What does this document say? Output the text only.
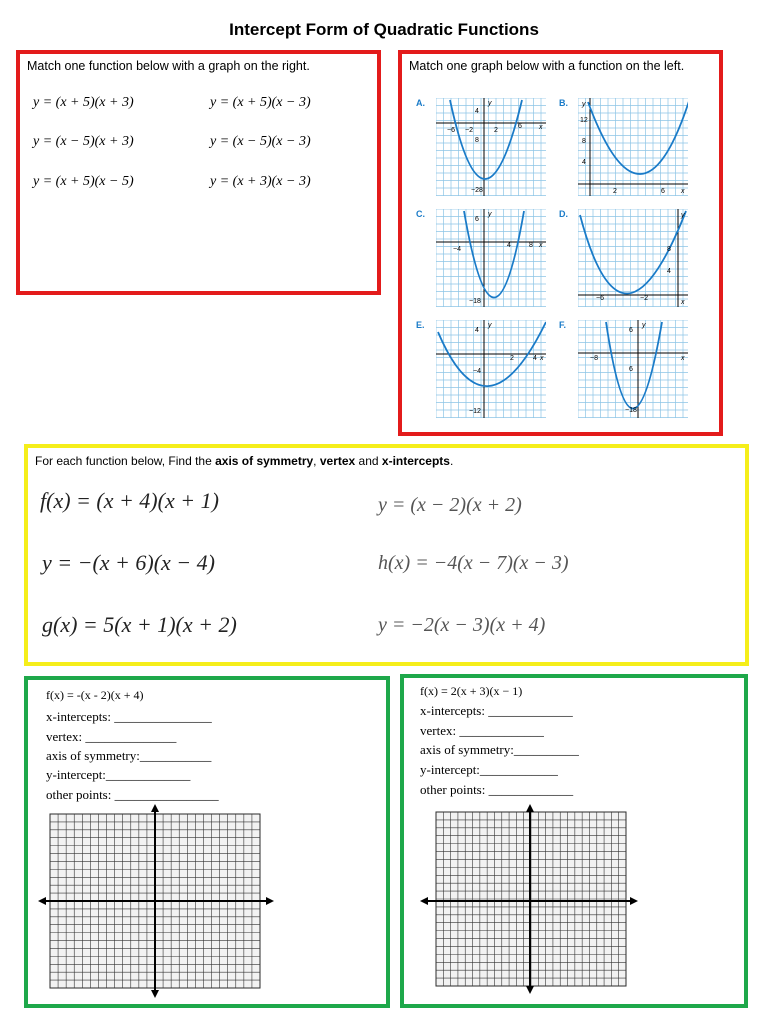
Intercept Form of Quadratic Functions
Match one function below with a graph on the right.
y = (x + 5)(x + 3)	y = (x + 5)(x − 3)
y = (x − 5)(x + 3)	y = (x − 5)(x − 3)
y = (x + 5)(x − 5)	y = (x + 3)(x − 3)
Match one graph below with a function on the left.
A.	B.
C.	D.
E.	F.
4
−6 −2	2
6 x
y
8
−28
y
12
8
4
2	6 x
6
y
−4
4	8 x
−18
y
8
4
−6	−2
x
4
y
2	4 x
−4
−12
6
y
−8	x
6
−18
For each function below, Find the axis of symmetry, vertex and x-intercepts.
f(x) = (x + 4)(x + 1)	y = (x − 2)(x + 2)
y = −(x + 6)(x − 4)	h(x) = −4(x − 7)(x − 3)
g(x) = 5(x + 1)(x + 2)	y = −2(x − 3)(x + 4)
f(x) = -(x - 2)(x + 4)
x-intercepts: _______________
vertex: ______________
axis of symmetry:___________
y-intercept:_____________
other points: ________________
f(x) = 2(x + 3)(x − 1)
x-intercepts: _____________
vertex: _____________
axis of symmetry:__________
y-intercept:____________
other points: _____________
